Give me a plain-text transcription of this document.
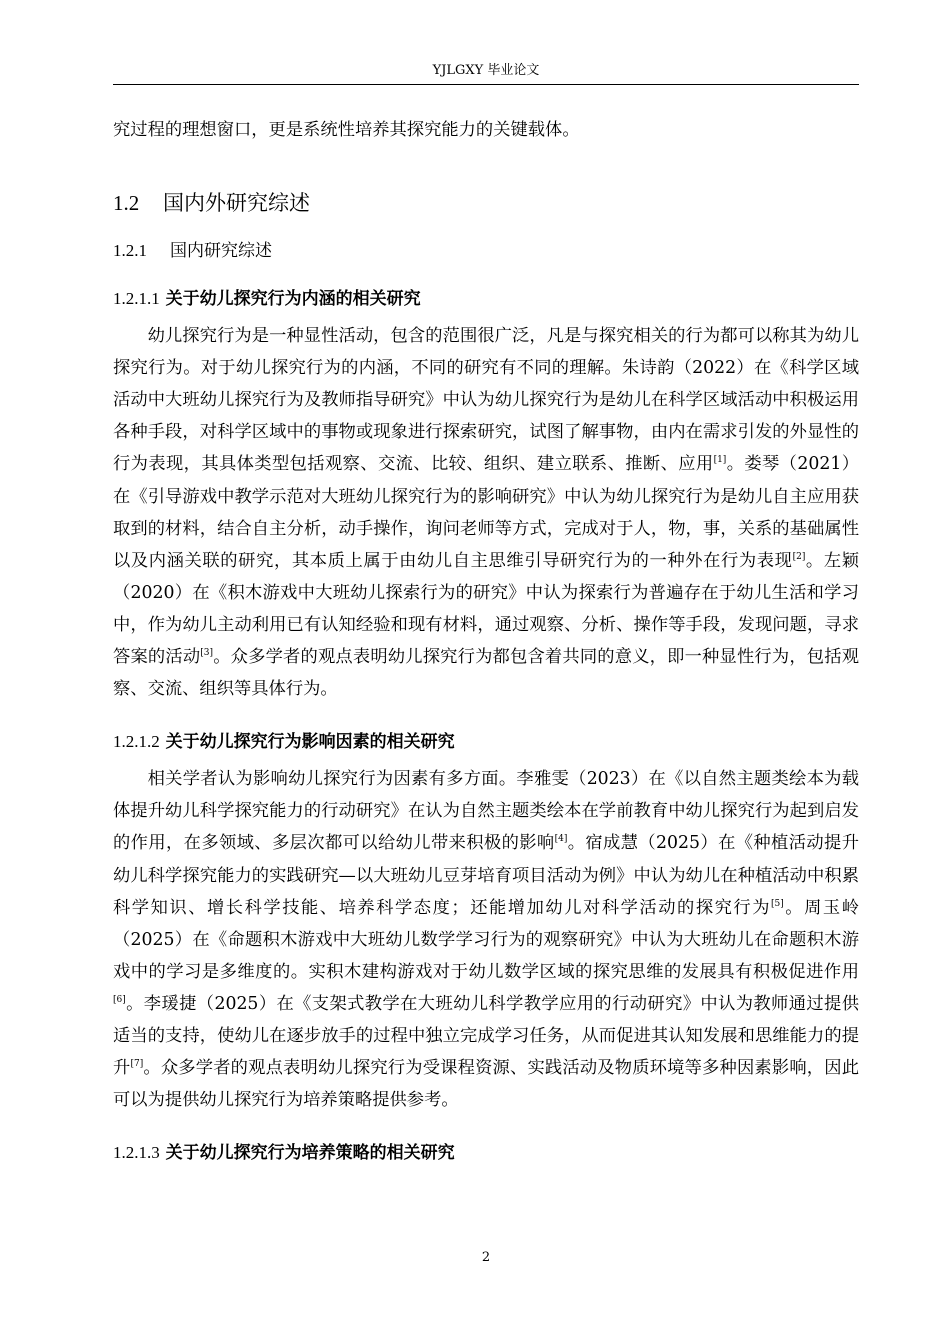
YJLGXY 毕业论文

究过程的理想窗口，更是系统性培养其探究能力的关键载体。

1.2 国内外研究综述
1.2.1 国内研究综述
1.2.1.1 关于幼儿探究行为内涵的相关研究

幼儿探究行为是一种显性活动，包含的范围很广泛，凡是与探究相关的行为都可以称其为幼儿探究行为。对于幼儿探究行为的内涵，不同的研究有不同的理解。朱诗韵（2022）在《科学区域活动中大班幼儿探究行为及教师指导研究》中认为幼儿探究行为是幼儿在科学区域活动中积极运用各种手段，对科学区域中的事物或现象进行探索研究，试图了解事物，由内在需求引发的外显性的行为表现，其具体类型包括观察、交流、比较、组织、建立联系、推断、应用[1]。娄琴（2021）在《引导游戏中教学示范对大班幼儿探究行为的影响研究》中认为幼儿探究行为是幼儿自主应用获取到的材料，结合自主分析，动手操作，询问老师等方式，完成对于人，物，事，关系的基础属性以及内涵关联的研究，其本质上属于由幼儿自主思维引导研究行为的一种外在行为表现[2]。左颖（2020）在《积木游戏中大班幼儿探索行为的研究》中认为探索行为普遍存在于幼儿生活和学习中，作为幼儿主动利用已有认知经验和现有材料，通过观察、分析、操作等手段，发现问题，寻求答案的活动[3]。众多学者的观点表明幼儿探究行为都包含着共同的意义，即一种显性行为，包括观察、交流、组织等具体行为。

1.2.1.2 关于幼儿探究行为影响因素的相关研究

相关学者认为影响幼儿探究行为因素有多方面。李雅雯（2023）在《以自然主题类绘本为载体提升幼儿科学探究能力的行动研究》在认为自然主题类绘本在学前教育中幼儿探究行为起到启发的作用，在多领域、多层次都可以给幼儿带来积极的影响[4]。宿成慧（2025）在《种植活动提升幼儿科学探究能力的实践研究—以大班幼儿豆芽培育项目活动为例》中认为幼儿在种植活动中积累科学知识、增长科学技能、培养科学态度；还能增加幼儿对科学活动的探究行为[5]。周玉岭（2025）在《命题积木游戏中大班幼儿数学学习行为的观察研究》中认为大班幼儿在命题积木游戏中的学习是多维度的。实积木建构游戏对于幼儿数学区域的探究思维的发展具有积极促进作用[6]。李瑗捷（2025）在《支架式教学在大班幼儿科学教学应用的行动研究》中认为教师通过提供适当的支持，使幼儿在逐步放手的过程中独立完成学习任务，从而促进其认知发展和思维能力的提升[7]。众多学者的观点表明幼儿探究行为受课程资源、实践活动及物质环境等多种因素影响，因此可以为提供幼儿探究行为培养策略提供参考。

1.2.1.3 关于幼儿探究行为培养策略的相关研究
2
